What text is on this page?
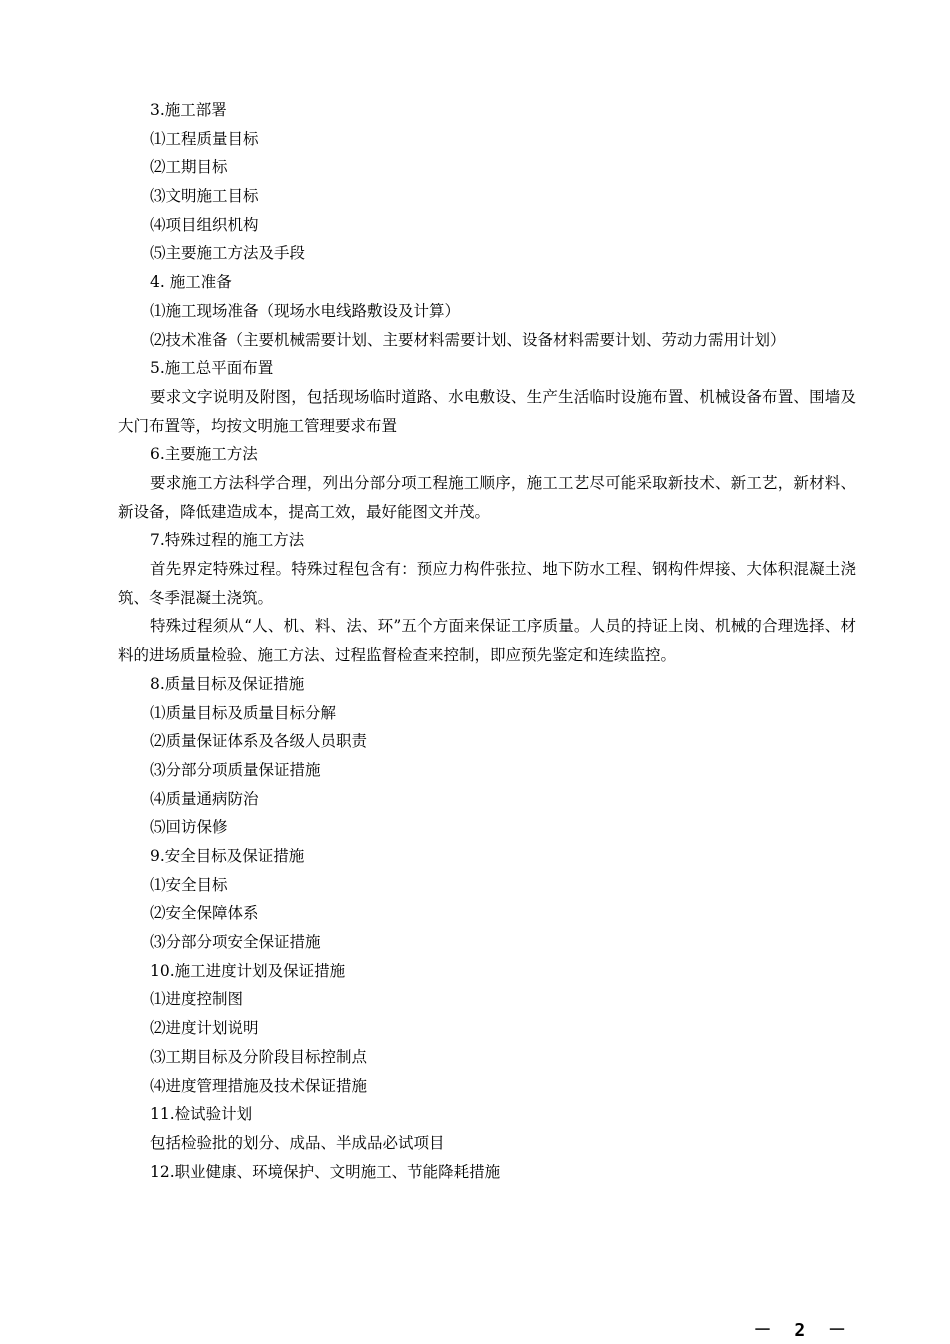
3.施工部署
⑴工程质量目标
⑵工期目标
⑶文明施工目标
⑷项目组织机构
⑸主要施工方法及手段
4. 施工准备
⑴施工现场准备（现场水电线路敷设及计算）
⑵技术准备（主要机械需要计划、主要材料需要计划、设备材料需要计划、劳动力需用计划）
5.施工总平面布置

要求文字说明及附图，包括现场临时道路、水电敷设、生产生活临时设施布置、机械设备布置、围墙及大门布置等，均按文明施工管理要求布置

6.主要施工方法

要求施工方法科学合理，列出分部分项工程施工顺序，施工工艺尽可能采取新技术、新工艺，新材料、新设备，降低建造成本，提高工效，最好能图文并茂。

7.特殊过程的施工方法

首先界定特殊过程。特殊过程包含有：预应力构件张拉、地下防水工程、钢构件焊接、大体积混凝土浇筑、冬季混凝土浇筑。

特殊过程须从“人、机、料、法、环”五个方面来保证工序质量。人员的持证上岗、机械的合理选择、材料的进场质量检验、施工方法、过程监督检查来控制，即应预先鉴定和连续监控。

8.质量目标及保证措施
⑴质量目标及质量目标分解
⑵质量保证体系及各级人员职责
⑶分部分项质量保证措施
⑷质量通病防治
⑸回访保修
9.安全目标及保证措施
⑴安全目标
⑵安全保障体系
⑶分部分项安全保证措施
10.施工进度计划及保证措施
⑴进度控制图
⑵进度计划说明
⑶工期目标及分阶段目标控制点
⑷进度管理措施及技术保证措施
11.检试验计划
包括检验批的划分、成品、半成品必试项目
12.职业健康、环境保护、文明施工、节能降耗措施
－ 2 －
